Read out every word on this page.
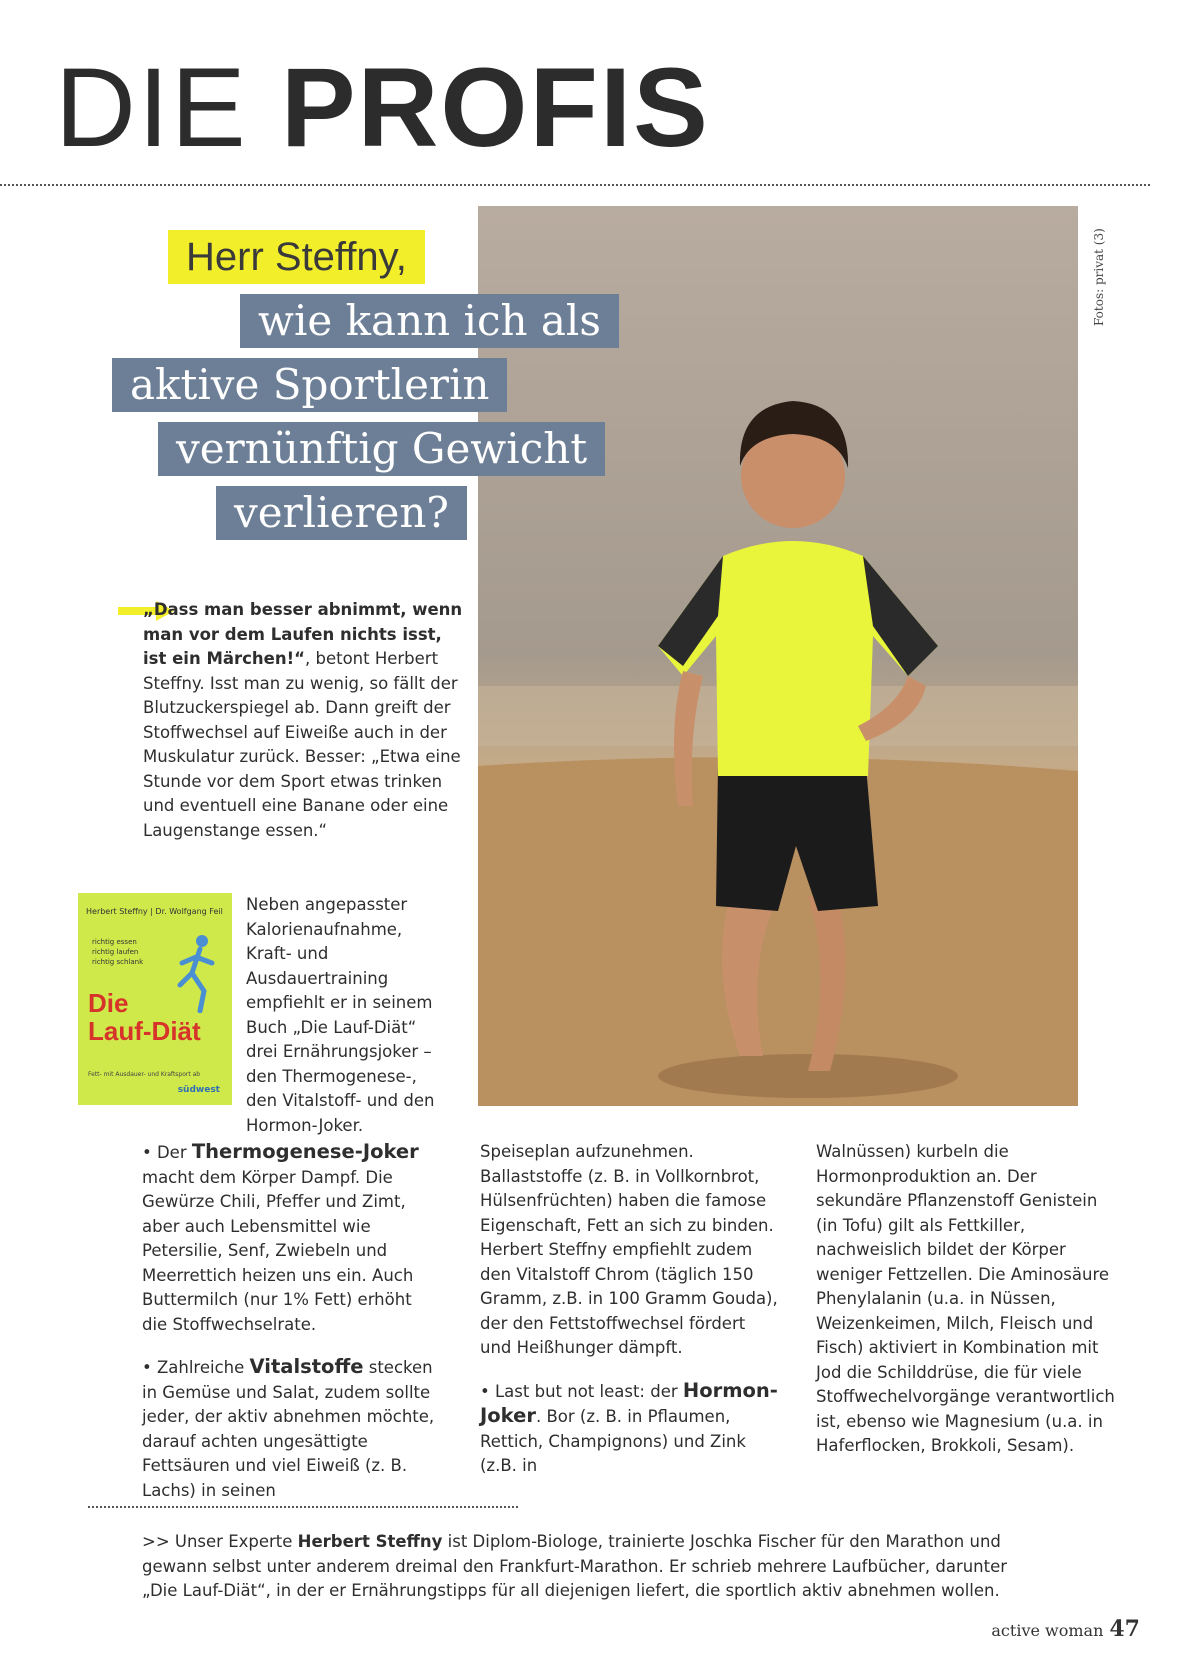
DIE PROFIS
Fotos: privat (3)
Herr Steffny,
wie kann ich als
aktive Sportlerin
vernünftig Gewicht
verlieren?
„Dass man besser abnimmt, wenn man vor dem Laufen nichts isst, ist ein Märchen!“, betont Herbert Steffny. Isst man zu wenig, so fällt der Blutzuckerspiegel ab. Dann greift der Stoffwechsel auf Eiweiße auch in der Muskulatur zurück. Besser: „Etwa eine Stunde vor dem Sport etwas trinken und eventuell eine Banane oder eine Laugenstange essen.“
Herbert Steffny | Dr. Wolfgang Feil
richtig essen
richtig laufen
richtig schlank
Die
Lauf-Diät
Fett- mit Ausdauer- und Kraftsport ab
südwest
Neben angepasster Kalorienaufnahme, Kraft- und Ausdauertraining empfiehlt er in seinem Buch „Die Lauf-Diät“ drei Ernährungsjoker – den Thermogenese-, den Vitalstoff- und den Hormon-Joker.

• Der Thermogenese-Joker macht dem Körper Dampf. Die Gewürze Chili, Pfeffer und Zimt, aber auch Lebensmittel wie Petersilie, Senf, Zwiebeln und Meerrettich heizen uns ein. Auch Buttermilch (nur 1% Fett) erhöht die Stoffwechselrate.

• Zahlreiche Vitalstoffe stecken in Gemüse und Salat, zudem sollte jeder, der aktiv abnehmen möchte, darauf achten ungesättigte Fettsäuren und viel Eiweiß (z. B. Lachs) in seinen

Speiseplan aufzunehmen. Ballaststoffe (z. B. in Vollkornbrot, Hülsenfrüchten) haben die famose Eigenschaft, Fett an sich zu binden. Herbert Steffny empfiehlt zudem den Vitalstoff Chrom (täglich 150 Gramm, z.B. in 100 Gramm Gouda), der den Fettstoffwechsel fördert und Heißhunger dämpft.

• Last but not least: der Hormon-Joker. Bor (z. B. in Pflaumen, Rettich, Champignons) und Zink (z.B. in

Walnüssen) kurbeln die Hormonproduktion an. Der sekundäre Pflanzenstoff Genistein (in Tofu) gilt als Fettkiller, nachweislich bildet der Körper weniger Fettzellen. Die Aminosäure Phenylalanin (u.a. in Nüssen, Weizenkeimen, Milch, Fleisch und Fisch) aktiviert in Kombination mit Jod die Schilddrüse, die für viele Stoffwechelvorgänge verantwortlich ist, ebenso wie Magnesium (u.a. in Haferflocken, Brokkoli, Sesam).

>> Unser Experte Herbert Steffny ist Diplom-Biologe, trainierte Joschka Fischer für den Marathon und gewann selbst unter anderem dreimal den Frankfurt-Marathon. Er schrieb mehrere Laufbücher, darunter „Die Lauf-Diät“, in der er Ernährungstipps für all diejenigen liefert, die sportlich aktiv abnehmen wollen.
active woman 47
